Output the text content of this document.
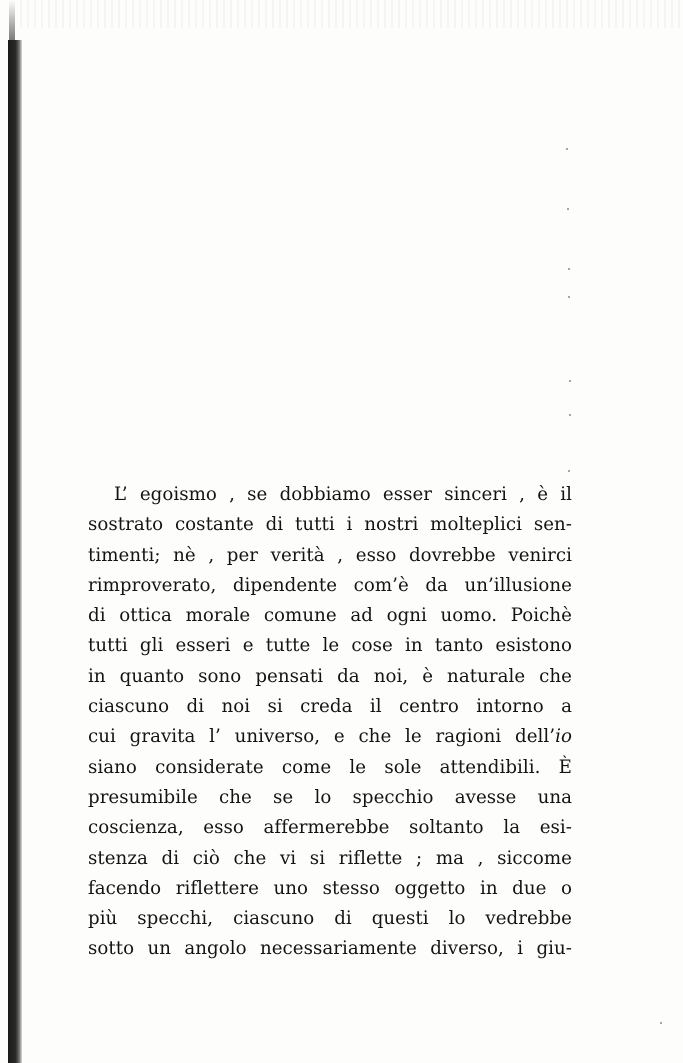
L’ egoismo , se dobbiamo esser sinceri , è il
sostrato costante di tutti i nostri molteplici sen-
timenti; nè , per verità , esso dovrebbe venirci
rimproverato, dipendente com’è da un’illusione
di ottica morale comune ad ogni uomo. Poichè
tutti gli esseri e tutte le cose in tanto esistono
in quanto sono pensati da noi, è naturale che
ciascuno di noi si creda il centro intorno a
cui gravita l’ universo, e che le ragioni dell’io
siano considerate come le sole attendibili. È
presumibile che se lo specchio avesse una
coscienza, esso affermerebbe soltanto la esi-
stenza di ciò che vi si riflette ; ma , siccome
facendo riflettere uno stesso oggetto in due o
più specchi, ciascuno di questi lo vedrebbe
sotto un angolo necessariamente diverso, i giu-
